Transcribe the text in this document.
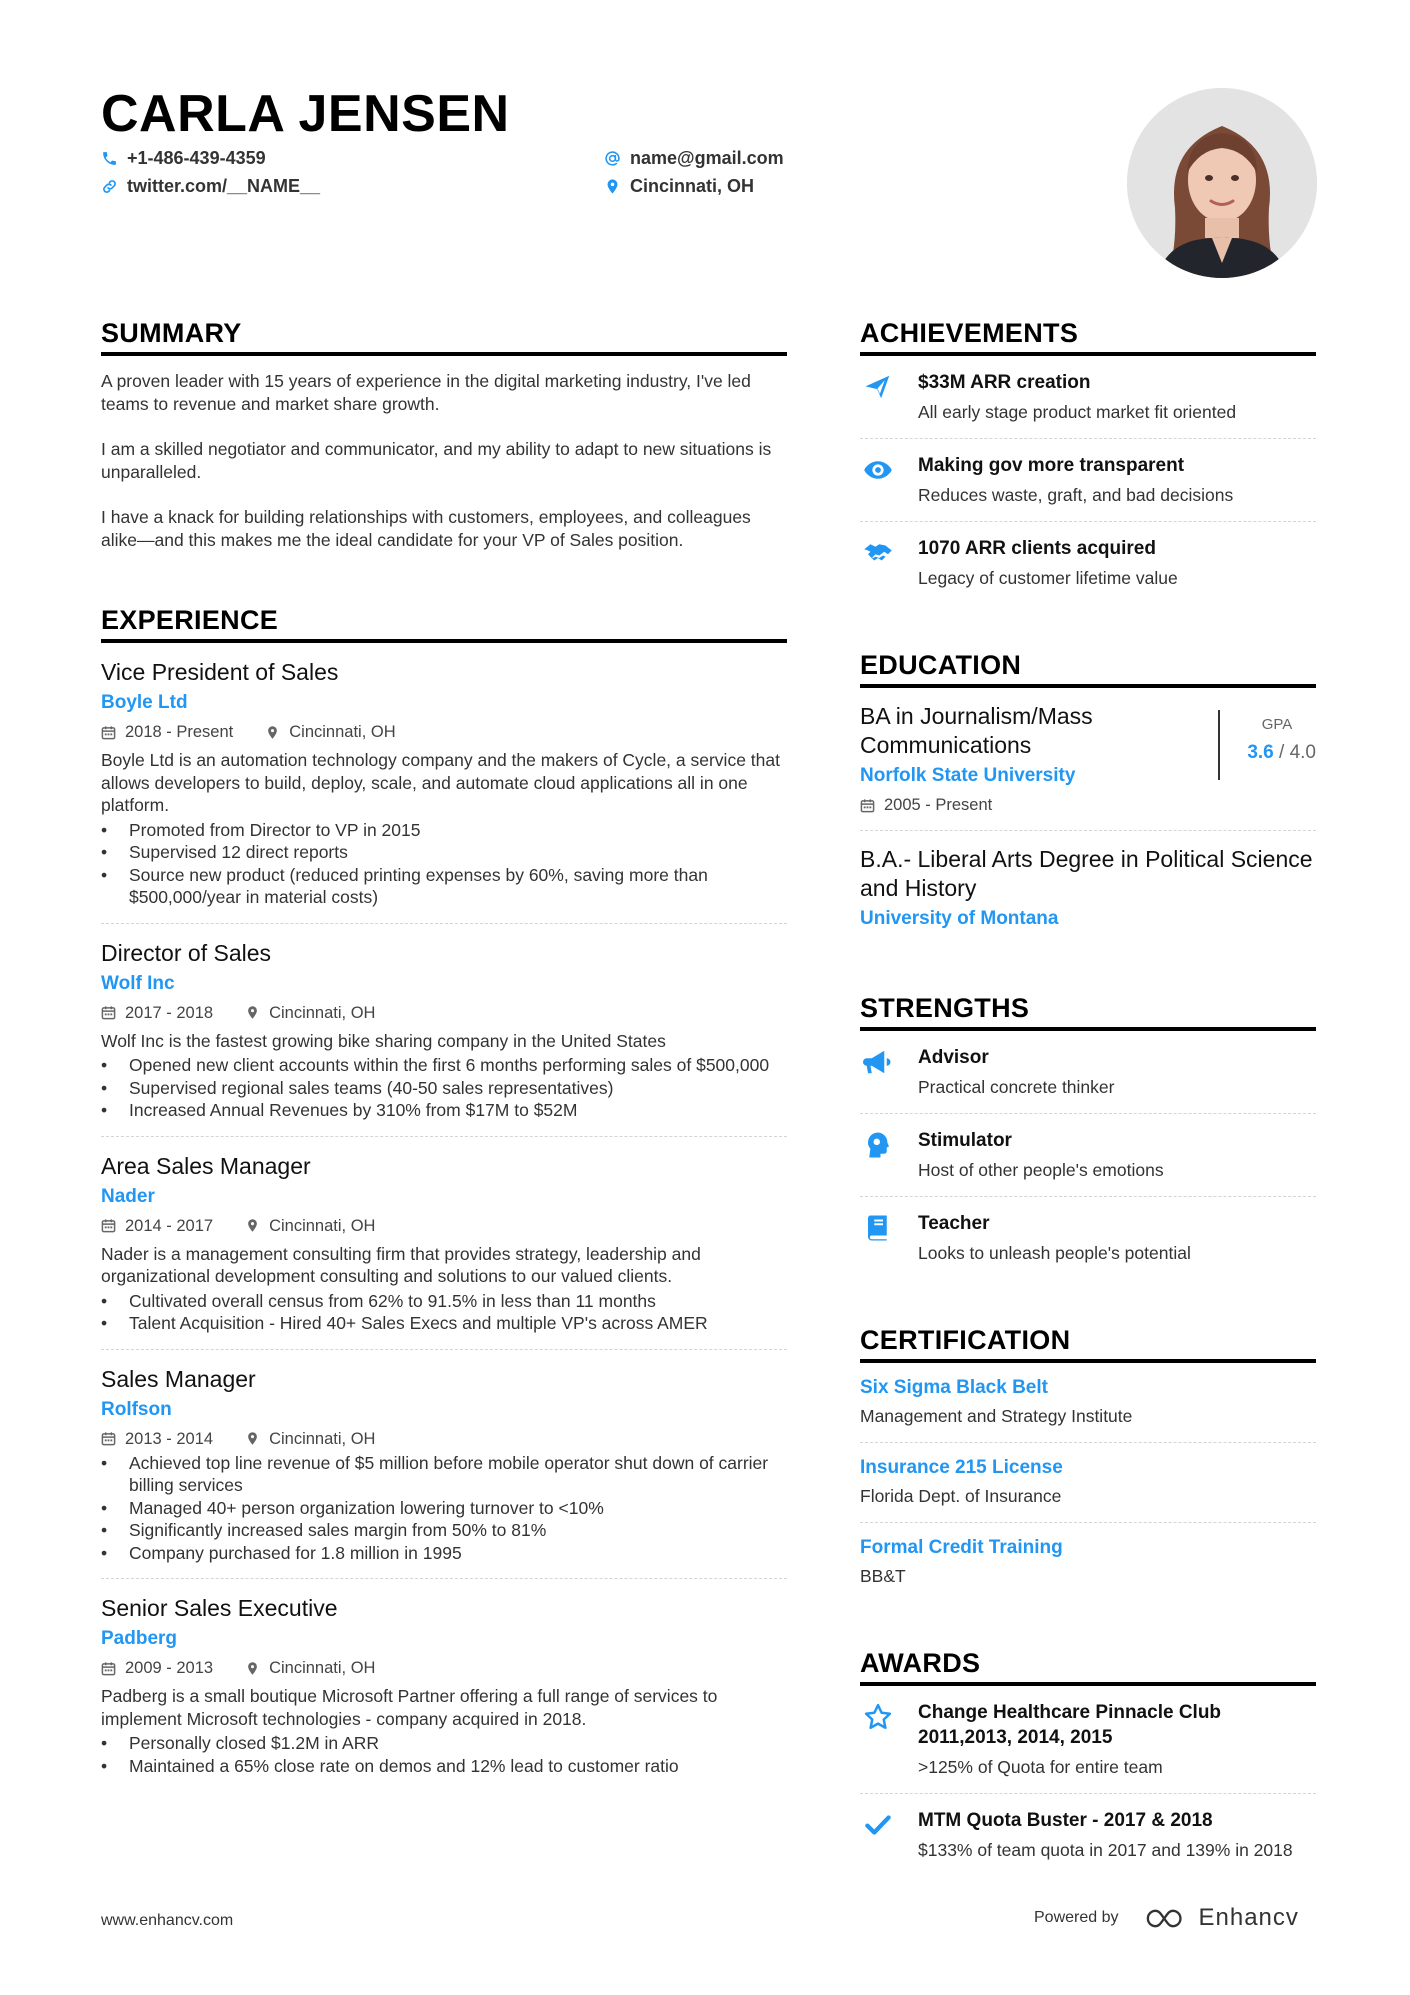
CARLA JENSEN
+1-486-439-4359
twitter.com/__NAME__
name@gmail.com
Cincinnati, OH
SUMMARY

A proven leader with 15 years of experience in the digital marketing industry, I've led teams to revenue and market share growth.

I am a skilled negotiator and communicator, and my ability to adapt to new situations is unparalleled.

I have a knack for building relationships with customers, employees, and colleagues alike—and this makes me the ideal candidate for your VP of Sales position.

EXPERIENCE
Vice President of Sales
Boyle Ltd
2018 - Present	Cincinnati, OH
Boyle Ltd is an automation technology company and the makers of Cycle, a service that allows developers to build, deploy, scale, and automate cloud applications all in one platform.
• Promoted from Director to VP in 2015
• Supervised 12 direct reports
• Source new product (reduced printing expenses by 60%, saving more than $500,000/year in material costs)
Director of Sales
Wolf Inc
2017 - 2018	Cincinnati, OH
Wolf Inc is the fastest growing bike sharing company in the United States
• Opened new client accounts within the first 6 months performing sales of $500,000
• Supervised regional sales teams (40-50 sales representatives)
• Increased Annual Revenues by 310% from $17M to $52M
Area Sales Manager
Nader
2014 - 2017	Cincinnati, OH
Nader is a management consulting firm that provides strategy, leadership and organizational development consulting and solutions to our valued clients.
• Cultivated overall census from 62% to 91.5% in less than 11 months
• Talent Acquisition - Hired 40+ Sales Execs and multiple VP's across AMER
Sales Manager
Rolfson
2013 - 2014	Cincinnati, OH
• Achieved top line revenue of $5 million before mobile operator shut down of carrier billing services
• Managed 40+ person organization lowering turnover to <10%
• Significantly increased sales margin from 50% to 81%
• Company purchased for 1.8 million in 1995
Senior Sales Executive
Padberg
2009 - 2013	Cincinnati, OH
Padberg is a small boutique Microsoft Partner offering a full range of services to implement Microsoft technologies - company acquired in 2018.
• Personally closed $1.2M in ARR
• Maintained a 65% close rate on demos and 12% lead to customer ratio
ACHIEVEMENTS
$33M ARR creation
All early stage product market fit oriented
Making gov more transparent
Reduces waste, graft, and bad decisions
1070 ARR clients acquired
Legacy of customer lifetime value
EDUCATION
BA in Journalism/Mass Communications
Norfolk State University
2005 - Present
GPA
3.6 / 4.0
B.A.- Liberal Arts Degree in Political Science and History
University of Montana
STRENGTHS
Advisor
Practical concrete thinker
Stimulator
Host of other people's emotions
Teacher
Looks to unleash people's potential
CERTIFICATION
Six Sigma Black Belt
Management and Strategy Institute
Insurance 215 License
Florida Dept. of Insurance
Formal Credit Training
BB&T
AWARDS
Change Healthcare Pinnacle Club 2011,2013, 2014, 2015
>125% of Quota for entire team
MTM Quota Buster - 2017 & 2018
$133% of team quota in 2017 and 139% in 2018
www.enhancv.com	Powered by	Enhancv
